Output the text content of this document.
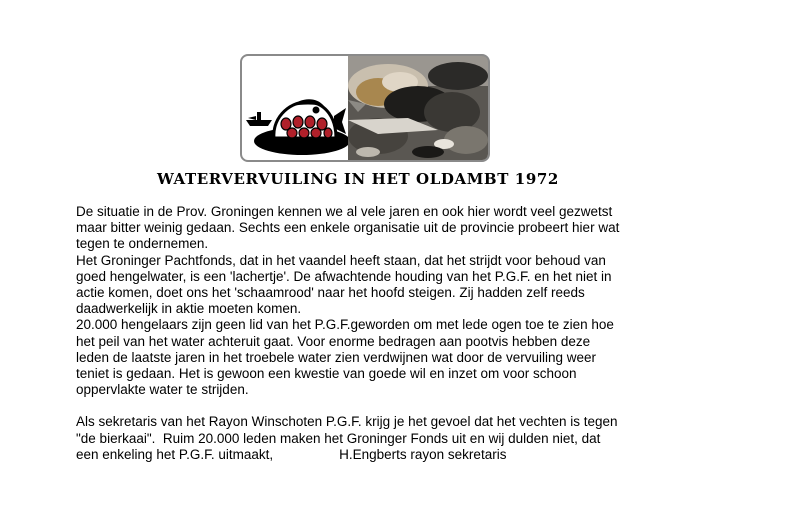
WATERVERVUILING IN HET OLDAMBT 1972
De situatie in de Prov. Groningen kennen we al vele jaren en ook hier wordt veel gezwetst
maar bitter weinig gedaan. Sechts een enkele organisatie uit de provincie probeert hier wat
tegen te ondernemen.
Het Groninger Pachtfonds, dat in het vaandel heeft staan, dat het strijdt voor behoud van
goed hengelwater, is een 'lachertje'. De afwachtende houding van het P.G.F. en het niet in
actie komen, doet ons het 'schaamrood' naar het hoofd steigen. Zij hadden zelf reeds
daadwerkelijk in aktie moeten komen.
20.000 hengelaars zijn geen lid van het P.G.F.geworden om met lede ogen toe te zien hoe
het peil van het water achteruit gaat. Voor enorme bedragen aan pootvis hebben deze
leden de laatste jaren in het troebele water zien verdwijnen wat door de vervuiling weer
teniet is gedaan. Het is gewoon een kwestie van goede wil en inzet om voor schoon
oppervlakte water te strijden.
Als sekretaris van het Rayon Winschoten P.G.F. krijg je het gevoel dat het vechten is tegen
"de bierkaai".  Ruim 20.000 leden maken het Groninger Fonds uit en wij dulden niet, dat
een enkeling het P.G.F. uitmaakt,	H.Engberts rayon sekretaris
